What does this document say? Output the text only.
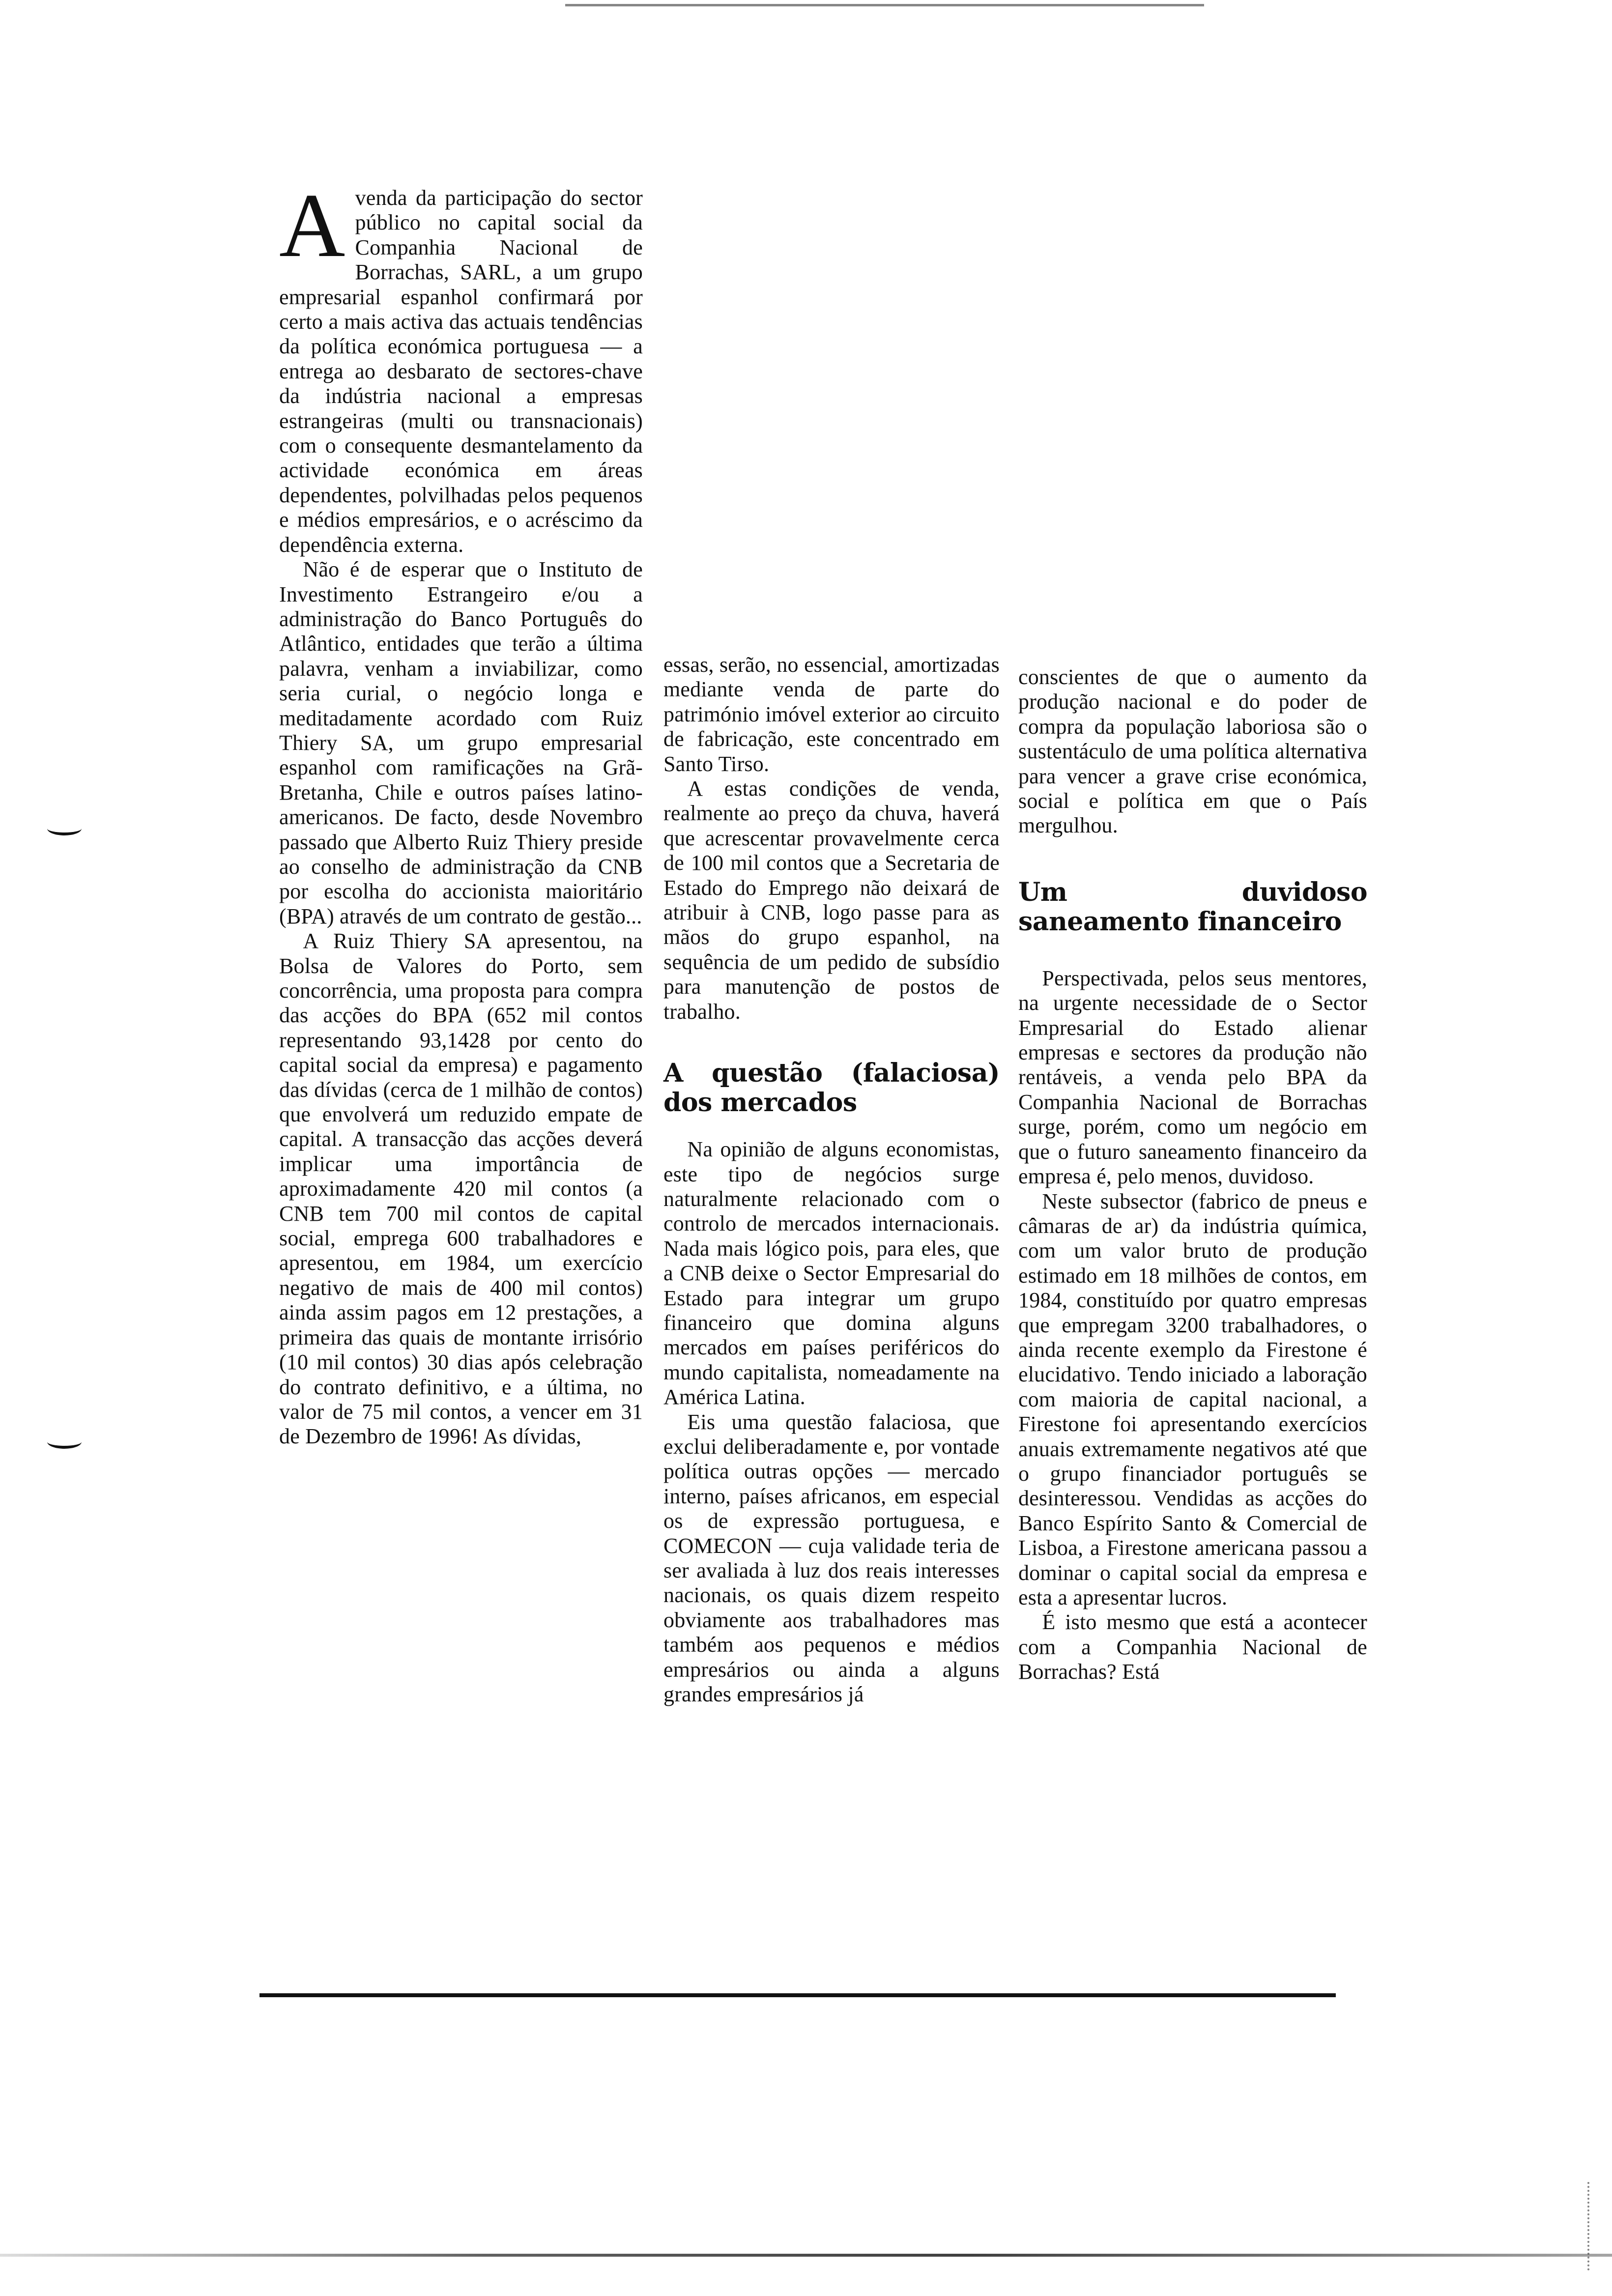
Avenda da participação do sector público no capital social da Companhia Nacional de Borrachas, SARL, a um grupo empresarial espanhol confirmará por certo a mais activa das actuais tendências da política económica portuguesa — a entrega ao desbarato de sectores-chave da indústria nacional a empresas estrangeiras (multi ou transnacionais) com o consequente desmantelamento da actividade económica em áreas dependentes, polvilhadas pelos pequenos e médios empresários, e o acréscimo da dependência externa.

Não é de esperar que o Instituto de Investimento Estrangeiro e/ou a administração do Banco Português do Atlântico, entidades que terão a última palavra, venham a inviabilizar, como seria curial, o negócio longa e meditadamente acordado com Ruiz Thiery SA, um grupo empresarial espanhol com ramificações na Grã-Bretanha, Chile e outros países latino-americanos. De facto, desde Novembro passado que Alberto Ruiz Thiery preside ao conselho de administração da CNB por escolha do accionista maioritário (BPA) através de um contrato de gestão...

A Ruiz Thiery SA apresentou, na Bolsa de Valores do Porto, sem concorrência, uma proposta para compra das acções do BPA (652 mil contos representando 93,1428 por cento do capital social da empresa) e pagamento das dívidas (cerca de 1 milhão de contos) que envolverá um reduzido empate de capital. A transacção das acções deverá implicar uma importância de aproximadamente 420 mil contos (a CNB tem 700 mil contos de capital social, emprega 600 trabalhadores e apresentou, em 1984, um exercício negativo de mais de 400 mil contos) ainda assim pagos em 12 prestações, a primeira das quais de montante irrisório (10 mil contos) 30 dias após celebração do contrato definitivo, e a última, no valor de 75 mil contos, a vencer em 31 de Dezembro de 1996! As dívidas,

essas, serão, no essencial, amortizadas mediante venda de parte do património imóvel exterior ao circuito de fabricação, este concentrado em Santo Tirso.

A estas condições de venda, realmente ao preço da chuva, haverá que acrescentar provavelmente cerca de 100 mil contos que a Secretaria de Estado do Emprego não deixará de atribuir à CNB, logo passe para as mãos do grupo espanhol, na sequência de um pedido de subsídio para manutenção de postos de trabalho.

A questão (falaciosa) dos mercados

Na opinião de alguns economistas, este tipo de negócios surge naturalmente relacionado com o controlo de mercados internacionais. Nada mais lógico pois, para eles, que a CNB deixe o Sector Empresarial do Estado para integrar um grupo financeiro que domina alguns mercados em países periféricos do mundo capitalista, nomeadamente na América Latina.

Eis uma questão falaciosa, que exclui deliberadamente e, por vontade política outras opções — mercado interno, países africanos, em especial os de expressão portuguesa, e COMECON — cuja validade teria de ser avaliada à luz dos reais interesses nacionais, os quais dizem respeito obviamente aos trabalhadores mas também aos pequenos e médios empresários ou ainda a alguns grandes empresários já

conscientes de que o aumento da produção nacional e do poder de compra da população laboriosa são o sustentáculo de uma política alternativa para vencer a grave crise económica, social e política em que o País mergulhou.

Um duvidoso saneamento financeiro

Perspectivada, pelos seus mentores, na urgente necessidade de o Sector Empresarial do Estado alienar empresas e sectores da produção não rentáveis, a venda pelo BPA da Companhia Nacional de Borrachas surge, porém, como um negócio em que o futuro saneamento financeiro da empresa é, pelo menos, duvidoso.

Neste subsector (fabrico de pneus e câmaras de ar) da indústria química, com um valor bruto de produção estimado em 18 milhões de contos, em 1984, constituído por quatro empresas que empregam 3200 trabalhadores, o ainda recente exemplo da Firestone é elucidativo. Tendo iniciado a laboração com maioria de capital nacional, a Firestone foi apresentando exercícios anuais extremamente negativos até que o grupo financiador português se desinteressou. Vendidas as acções do Banco Espírito Santo & Comercial de Lisboa, a Firestone americana passou a dominar o capital social da empresa e esta a apresentar lucros.

É isto mesmo que está a acontecer com a Companhia Nacional de Borrachas? Está
